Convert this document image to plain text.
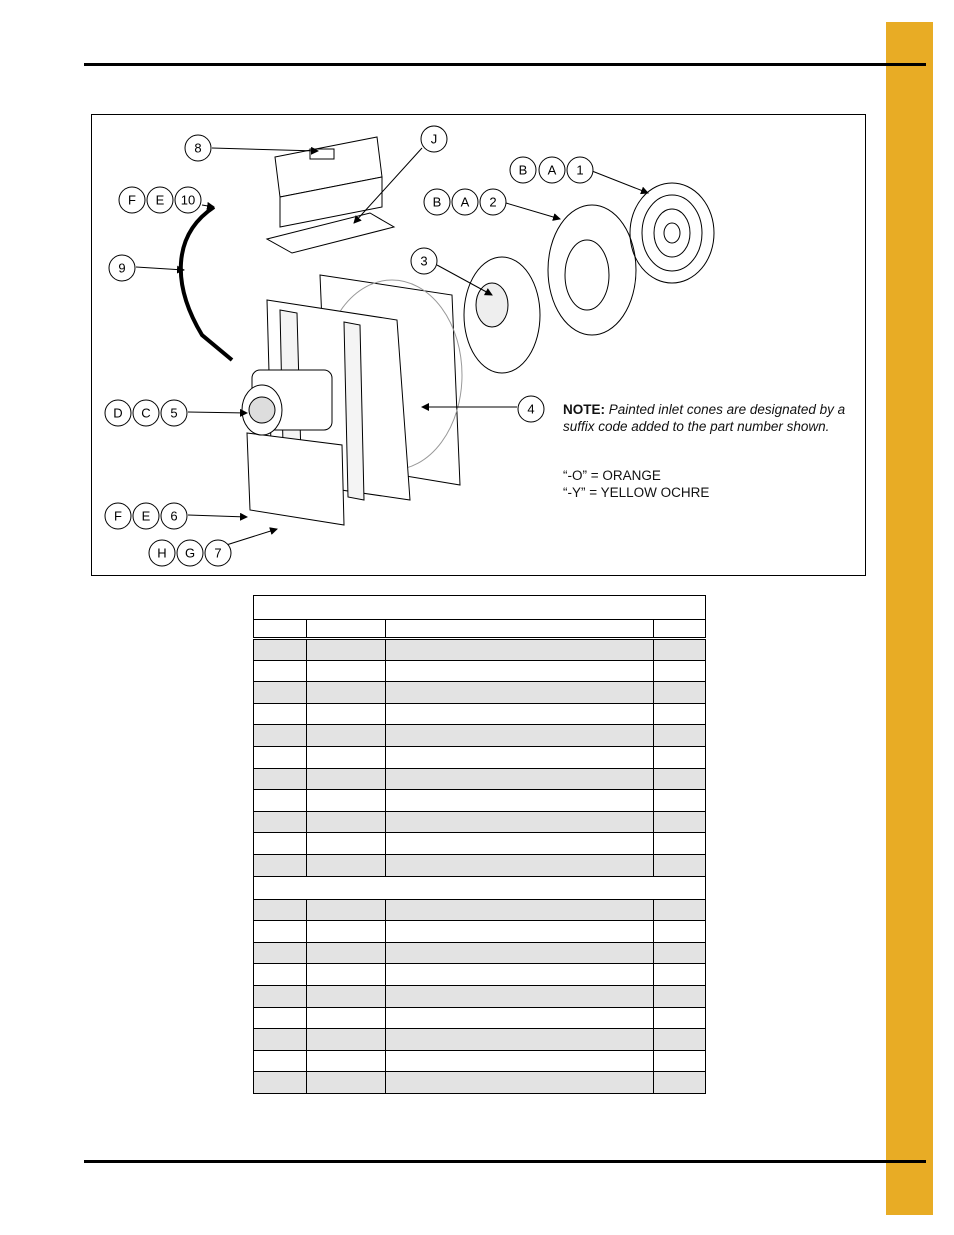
8
J
B A 1
B A 2
F E 10
9	3
4
D C 5
F E 6
H G 7
NOTE: Painted inlet cones are designated by a suffix code added to the part number shown.
“-O” = ORANGE
“-Y” = YELLOW OCHRE
